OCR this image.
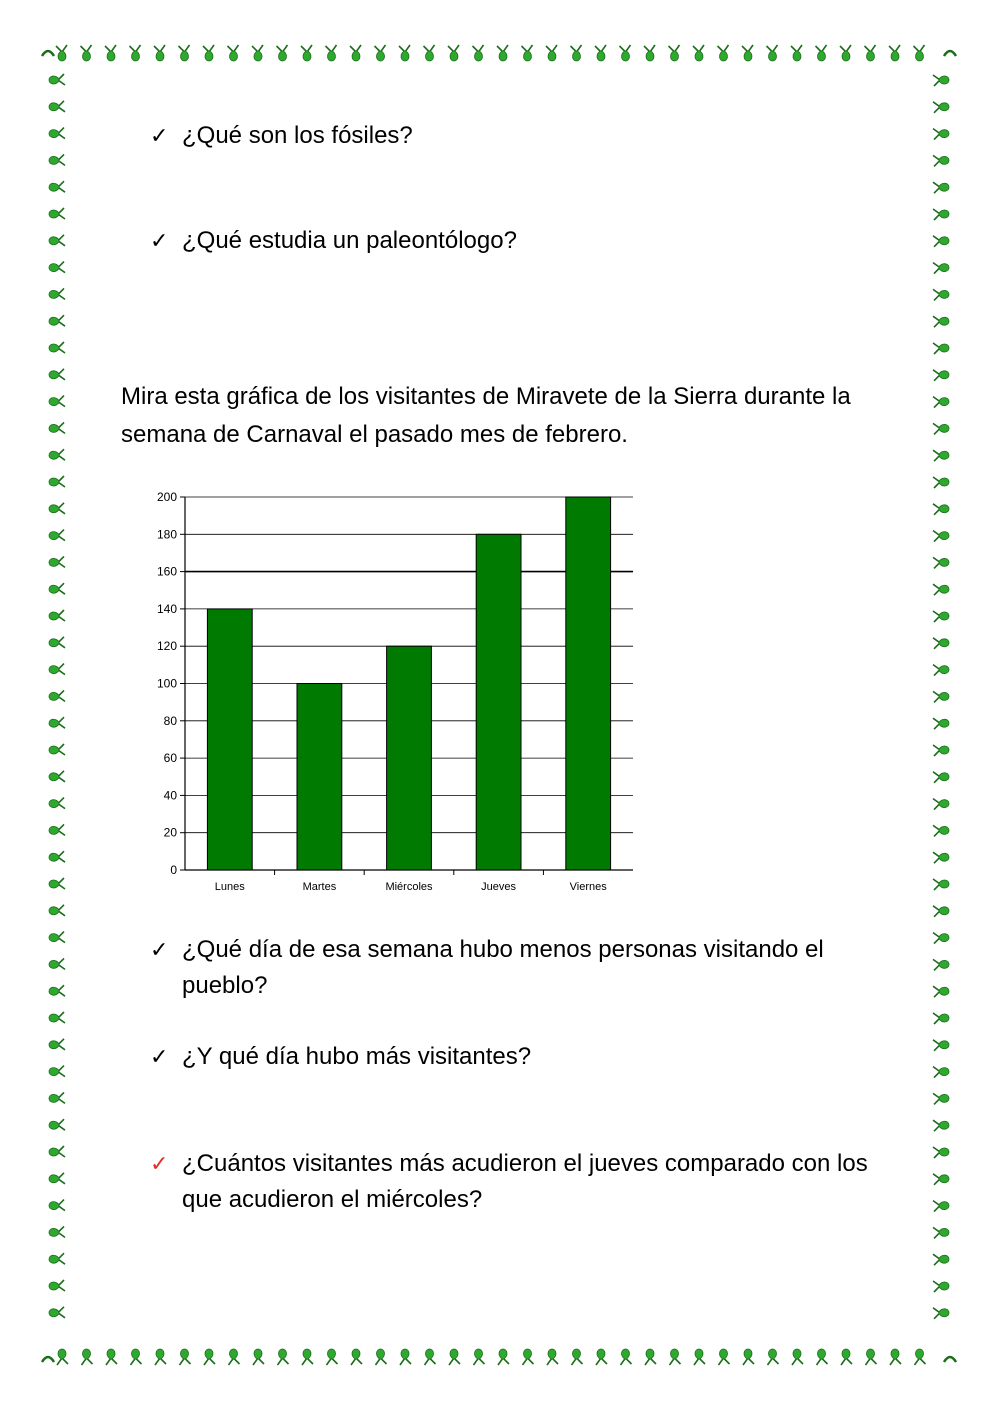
✓ ¿Qué son los fósiles?
✓ ¿Qué estudia un paleontólogo?
Mira esta gráfica de los visitantes de Miravete de la Sierra durante la semana de Carnaval el pasado mes de febrero.
0
20
40
60
80
100
120
140
160
180
200
Lunes	Martes	Miércoles	Jueves	Viernes
✓ ¿Qué día de esa semana hubo menos personas visitando el pueblo?
✓ ¿Y qué día hubo más visitantes?
✓ ¿Cuántos visitantes más acudieron el jueves comparado con los que acudieron el miércoles?
